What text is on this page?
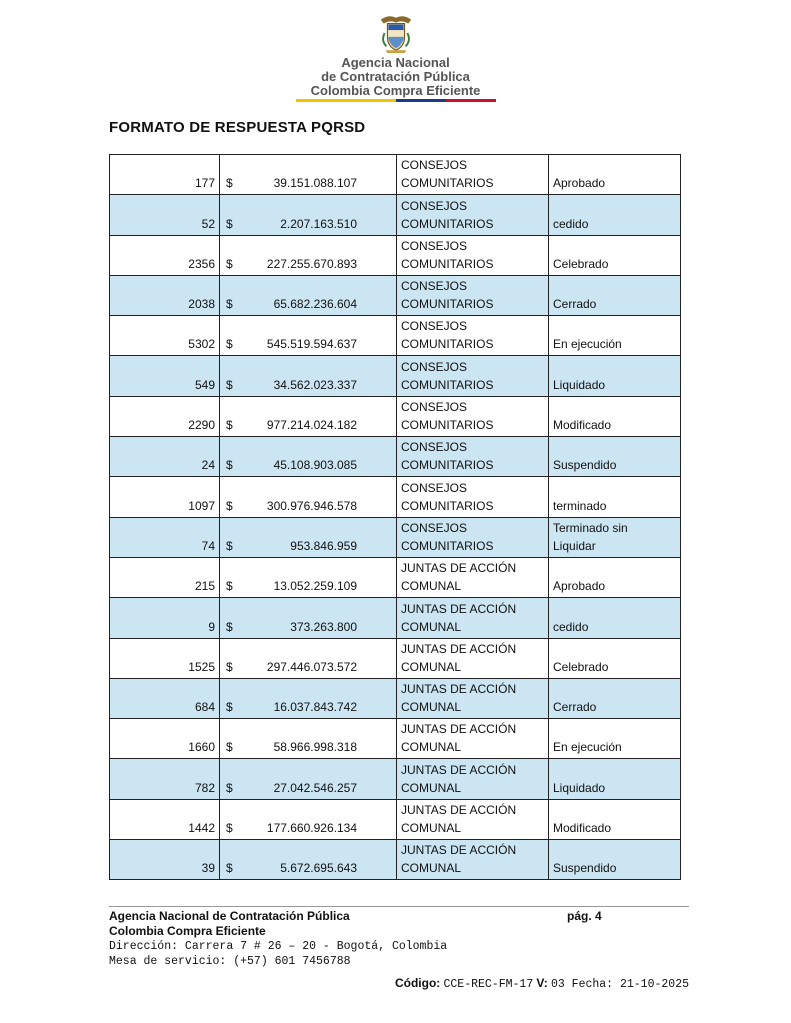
Agencia Nacional
de Contratación Pública
Colombia Compra Eficiente
FORMATO DE RESPUESTA PQRSD
177	$ 39.151.088.107	CONSEJOS
COMUNITARIOS	Aprobado

52	$ 2.207.163.510	CONSEJOS
COMUNITARIOS	cedido

2356	$ 227.255.670.893	CONSEJOS
COMUNITARIOS	Celebrado

2038	$ 65.682.236.604	CONSEJOS
COMUNITARIOS	Cerrado

5302	$ 545.519.594.637	CONSEJOS
COMUNITARIOS	En ejecución

549	$ 34.562.023.337	CONSEJOS
COMUNITARIOS	Liquidado

2290	$ 977.214.024.182	CONSEJOS
COMUNITARIOS	Modificado

24	$ 45.108.903.085	CONSEJOS
COMUNITARIOS	Suspendido

1097	$ 300.976.946.578	CONSEJOS
COMUNITARIOS	terminado

74	$ 953.846.959	CONSEJOS
COMUNITARIOS	Terminado sin
Liquidar

215	$ 13.052.259.109	JUNTAS DE ACCIÓN
COMUNAL	Aprobado

9	$ 373.263.800	JUNTAS DE ACCIÓN
COMUNAL	cedido

1525	$ 297.446.073.572	JUNTAS DE ACCIÓN
COMUNAL	Celebrado

684	$ 16.037.843.742	JUNTAS DE ACCIÓN
COMUNAL	Cerrado

1660	$ 58.966.998.318	JUNTAS DE ACCIÓN
COMUNAL	En ejecución

782	$ 27.042.546.257	JUNTAS DE ACCIÓN
COMUNAL	Liquidado

1442	$ 177.660.926.134	JUNTAS DE ACCIÓN
COMUNAL	Modificado

39	$ 5.672.695.643	JUNTAS DE ACCIÓN
COMUNAL	Suspendido
Agencia Nacional de Contratación Pública
Colombia Compra Eficiente
Dirección: Carrera 7 # 26 – 20 - Bogotá, Colombia
Mesa de servicio: (+57) 601 7456788
pág. 4
Código: CCE-REC-FM-17 V: 03 Fecha: 21-10-2025
